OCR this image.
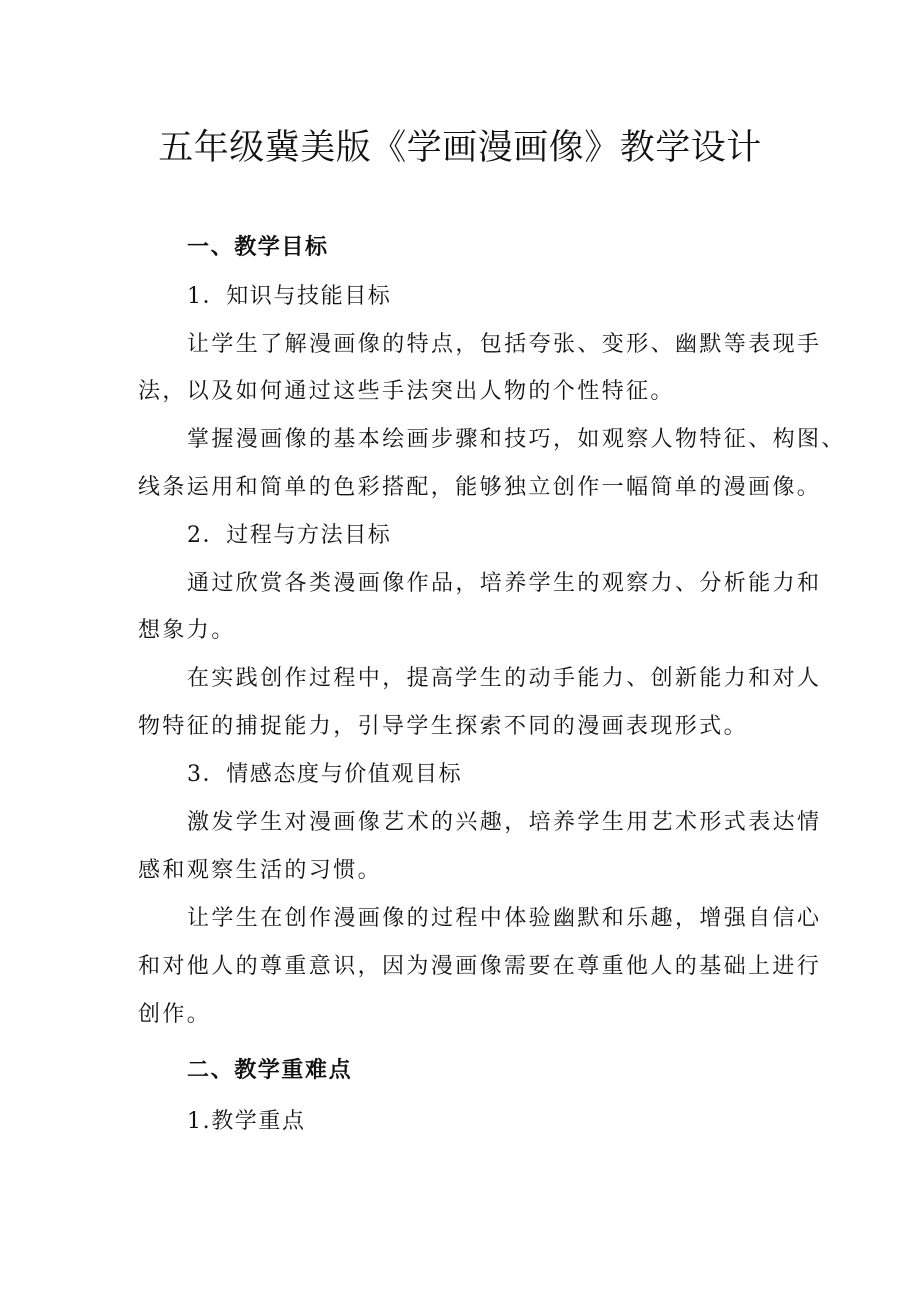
五年级冀美版《学画漫画像》教学设计
一、教学目标
1．知识与技能目标
让学生了解漫画像的特点，包括夸张、变形、幽默等表现手
法，以及如何通过这些手法突出人物的个性特征。
掌握漫画像的基本绘画步骤和技巧，如观察人物特征、构图、
线条运用和简单的色彩搭配，能够独立创作一幅简单的漫画像。
2．过程与方法目标
通过欣赏各类漫画像作品，培养学生的观察力、分析能力和
想象力。
在实践创作过程中，提高学生的动手能力、创新能力和对人
物特征的捕捉能力，引导学生探索不同的漫画表现形式。
3．情感态度与价值观目标
激发学生对漫画像艺术的兴趣，培养学生用艺术形式表达情
感和观察生活的习惯。
让学生在创作漫画像的过程中体验幽默和乐趣，增强自信心
和对他人的尊重意识，因为漫画像需要在尊重他人的基础上进行
创作。
二、教学重难点
1.教学重点
